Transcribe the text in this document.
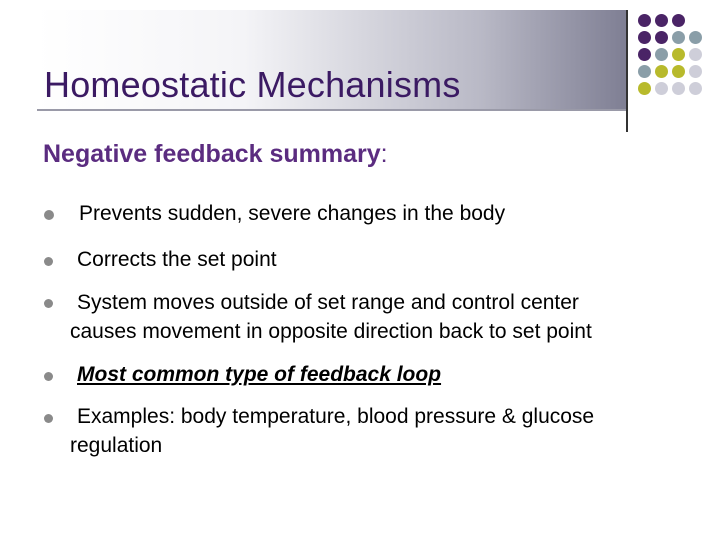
Homeostatic Mechanisms
Negative feedback summary:
Prevents sudden, severe changes in the body
Corrects the set point
System moves outside of set range and control center
causes movement in opposite direction back to set point
Most common type of feedback loop
Examples: body temperature, blood pressure & glucose
regulation
